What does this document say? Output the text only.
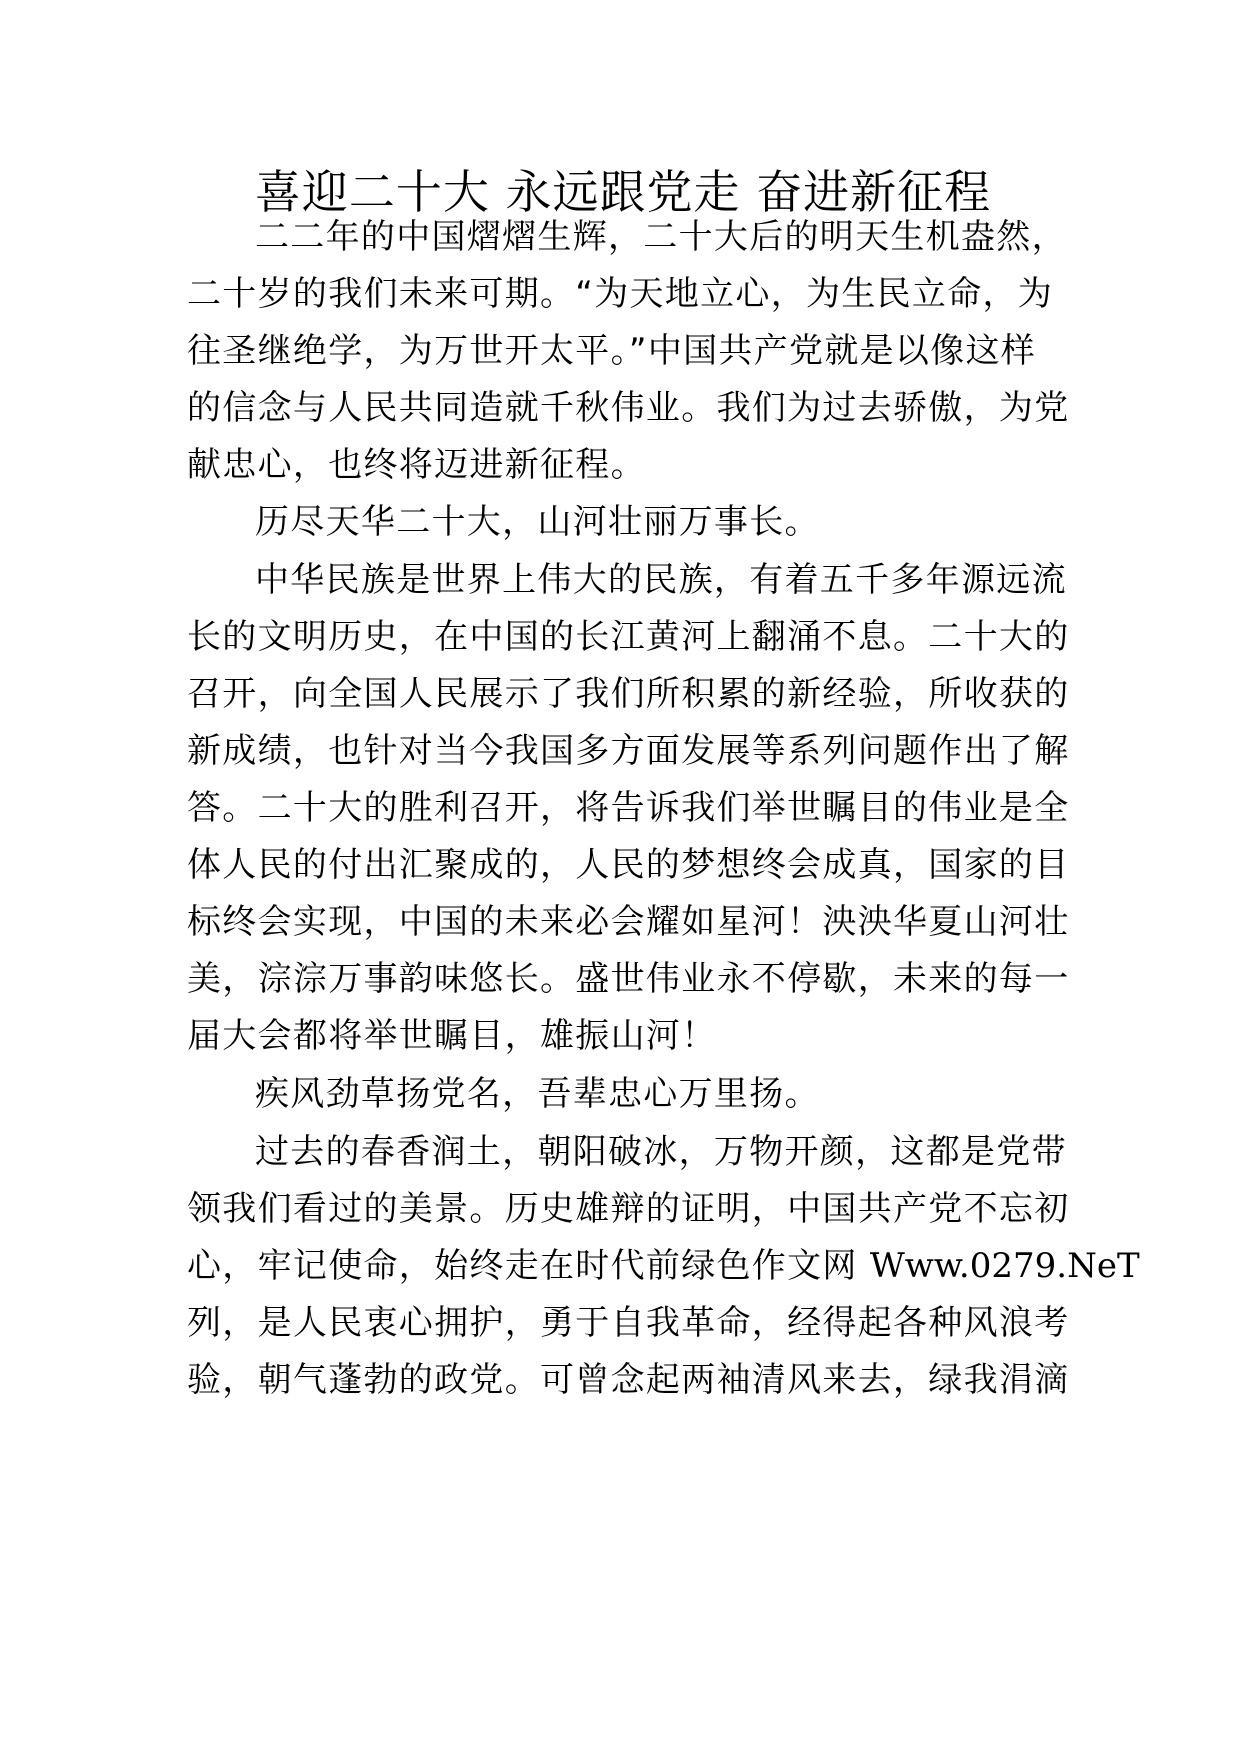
喜迎二十大 永远跟党走 奋进新征程
二二年的中国熠熠生辉，二十大后的明天生机盎然，
二十岁的我们未来可期。“为天地立心，为生民立命，为
往圣继绝学，为万世开太平。”中国共产党就是以像这样
的信念与人民共同造就千秋伟业。我们为过去骄傲，为党
献忠心，也终将迈进新征程。
历尽天华二十大，山河壮丽万事长。
中华民族是世界上伟大的民族，有着五千多年源远流
长的文明历史，在中国的长江黄河上翻涌不息。二十大的
召开，向全国人民展示了我们所积累的新经验，所收获的
新成绩，也针对当今我国多方面发展等系列问题作出了解
答。二十大的胜利召开，将告诉我们举世瞩目的伟业是全
体人民的付出汇聚成的，人民的梦想终会成真，国家的目
标终会实现，中国的未来必会耀如星河！泱泱华夏山河壮
美，淙淙万事韵味悠长。盛世伟业永不停歇，未来的每一
届大会都将举世瞩目，雄振山河！
疾风劲草扬党名，吾辈忠心万里扬。
过去的春香润土，朝阳破冰，万物开颜，这都是党带
领我们看过的美景。历史雄辩的证明，中国共产党不忘初
心，牢记使命，始终走在时代前绿色作文网 Www.0279.NeT
列，是人民衷心拥护，勇于自我革命，经得起各种风浪考
验，朝气蓬勃的政党。可曾念起两袖清风来去，绿我涓滴
